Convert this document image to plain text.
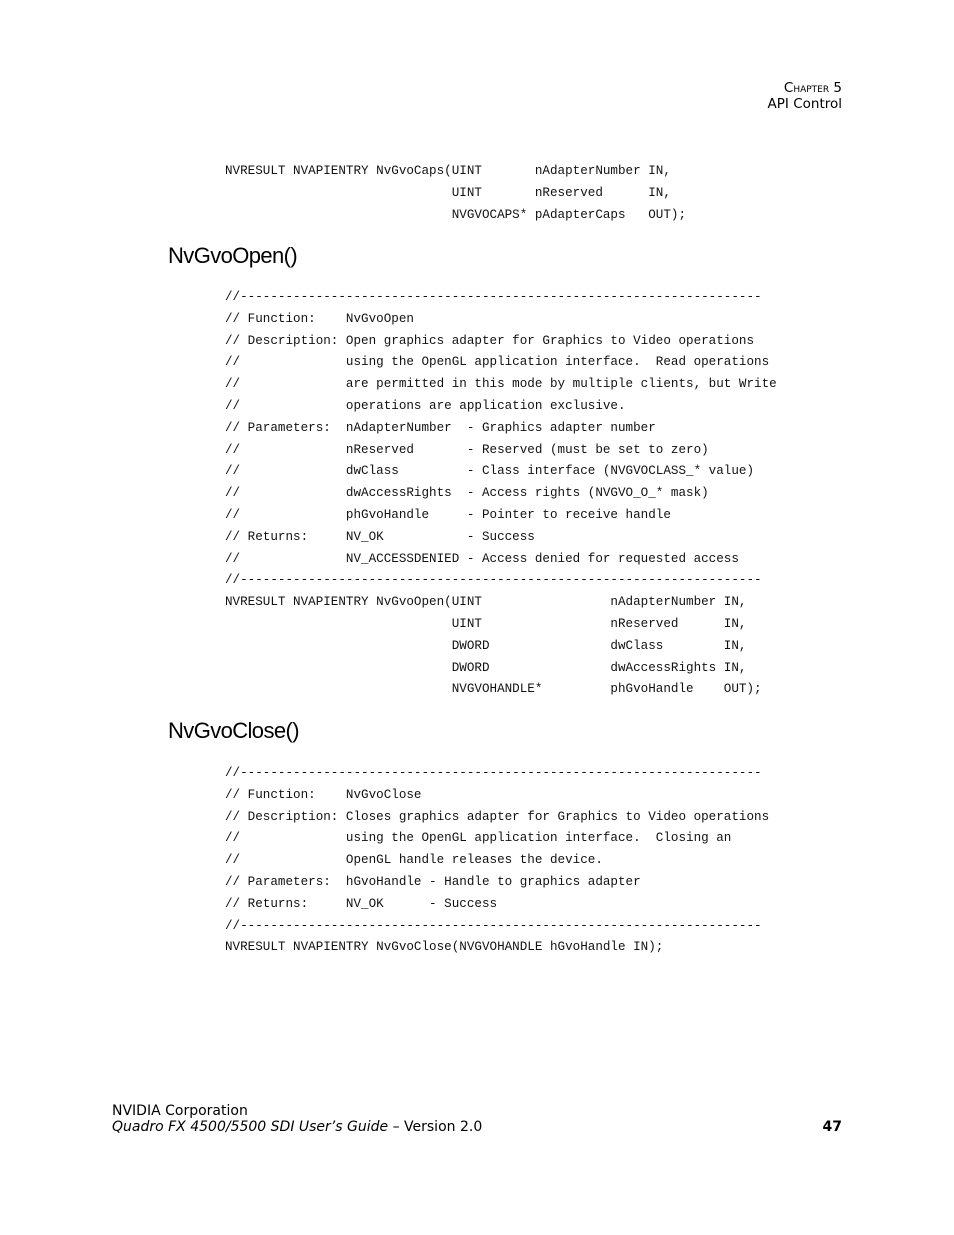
Chapter 5
API Control
NVRESULT NVAPIENTRY NvGvoCaps(UINT       nAdapterNumber IN,
UINT       nReserved      IN,
NVGVOCAPS* pAdapterCaps   OUT);
NvGvoOpen()
//---------------------------------------------------------------------
// Function:    NvGvoOpen
// Description: Open graphics adapter for Graphics to Video operations
//              using the OpenGL application interface.  Read operations
//              are permitted in this mode by multiple clients, but Write
//              operations are application exclusive.
// Parameters:  nAdapterNumber  - Graphics adapter number
//              nReserved       - Reserved (must be set to zero)
//              dwClass         - Class interface (NVGVOCLASS_* value)
//              dwAccessRights  - Access rights (NVGVO_O_* mask)
//              phGvoHandle     - Pointer to receive handle
// Returns:     NV_OK           - Success
//              NV_ACCESSDENIED - Access denied for requested access
//---------------------------------------------------------------------
NVRESULT NVAPIENTRY NvGvoOpen(UINT                 nAdapterNumber IN,
UINT                 nReserved      IN,
DWORD                dwClass        IN,
DWORD                dwAccessRights IN,
NVGVOHANDLE*         phGvoHandle    OUT);
NvGvoClose()
//---------------------------------------------------------------------
// Function:    NvGvoClose
// Description: Closes graphics adapter for Graphics to Video operations
//              using the OpenGL application interface.  Closing an
//              OpenGL handle releases the device.
// Parameters:  hGvoHandle - Handle to graphics adapter
// Returns:     NV_OK      - Success
//---------------------------------------------------------------------
NVRESULT NVAPIENTRY NvGvoClose(NVGVOHANDLE hGvoHandle IN);
NVIDIA Corporation
Quadro FX 4500/5500 SDI User’s Guide – Version 2.0	47
